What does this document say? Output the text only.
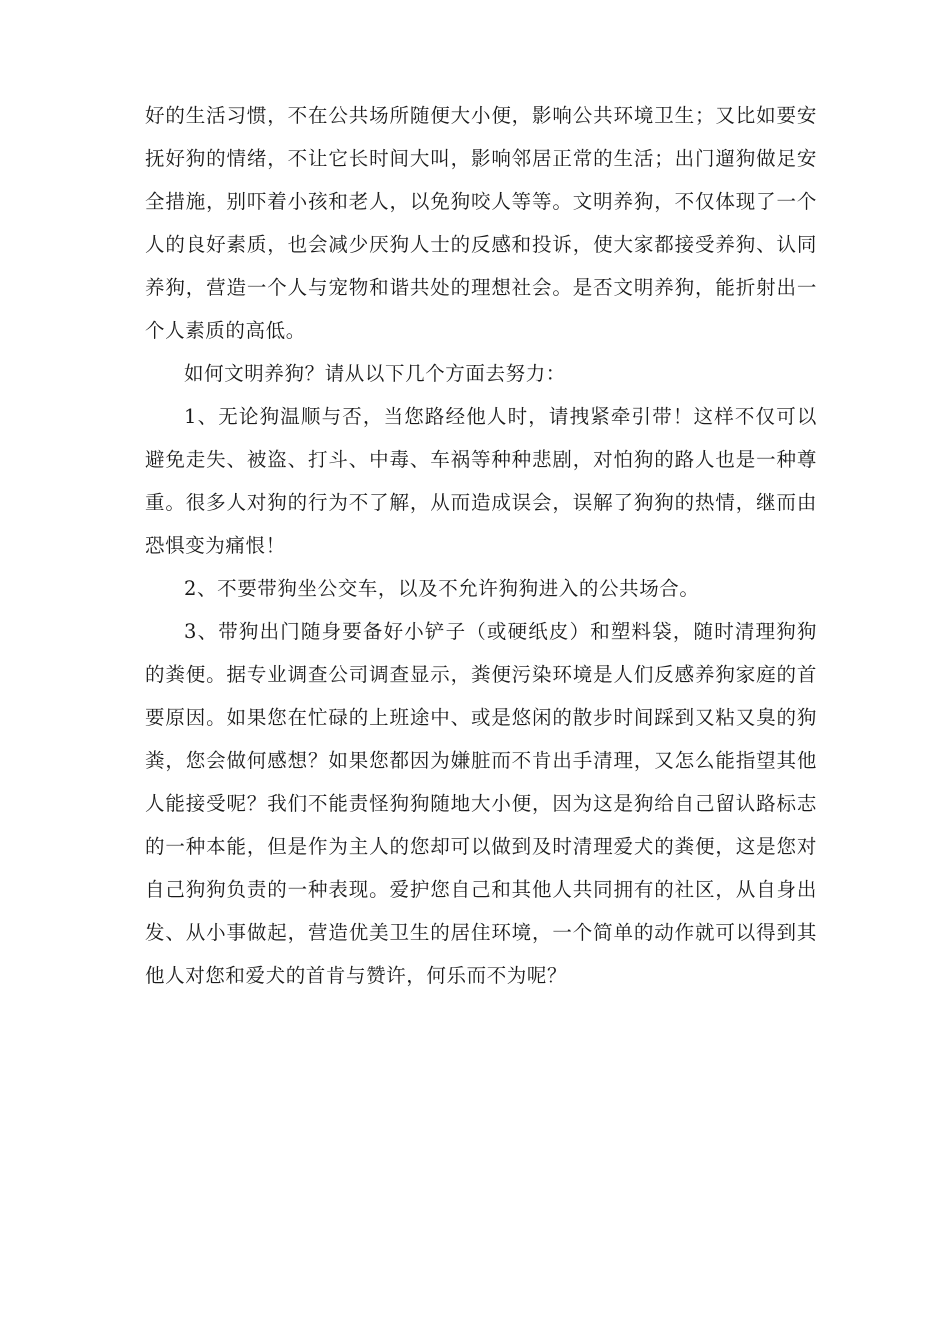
好的生活习惯，不在公共场所随便大小便，影响公共环境卫生；又比如要安抚好狗的情绪，不让它长时间大叫，影响邻居正常的生活；出门遛狗做足安全措施，别吓着小孩和老人，以免狗咬人等等。文明养狗，不仅体现了一个人的良好素质，也会减少厌狗人士的反感和投诉，使大家都接受养狗、认同养狗，营造一个人与宠物和谐共处的理想社会。是否文明养狗，能折射出一个人素质的高低。

如何文明养狗？请从以下几个方面去努力：

1、无论狗温顺与否，当您路经他人时，请拽紧牵引带！这样不仅可以避免走失、被盗、打斗、中毒、车祸等种种悲剧，对怕狗的路人也是一种尊重。很多人对狗的行为不了解，从而造成误会，误解了狗狗的热情，继而由恐惧变为痛恨！

2、不要带狗坐公交车，以及不允许狗狗进入的公共场合。

3、带狗出门随身要备好小铲子（或硬纸皮）和塑料袋，随时清理狗狗的粪便。据专业调查公司调查显示，粪便污染环境是人们反感养狗家庭的首要原因。如果您在忙碌的上班途中、或是悠闲的散步时间踩到又粘又臭的狗粪，您会做何感想？如果您都因为嫌脏而不肯出手清理，又怎么能指望其他人能接受呢？我们不能责怪狗狗随地大小便，因为这是狗给自己留认路标志的一种本能，但是作为主人的您却可以做到及时清理爱犬的粪便，这是您对自己狗狗负责的一种表现。爱护您自己和其他人共同拥有的社区，从自身出发、从小事做起，营造优美卫生的居住环境，一个简单的动作就可以得到其他人对您和爱犬的首肯与赞许，何乐而不为呢？
